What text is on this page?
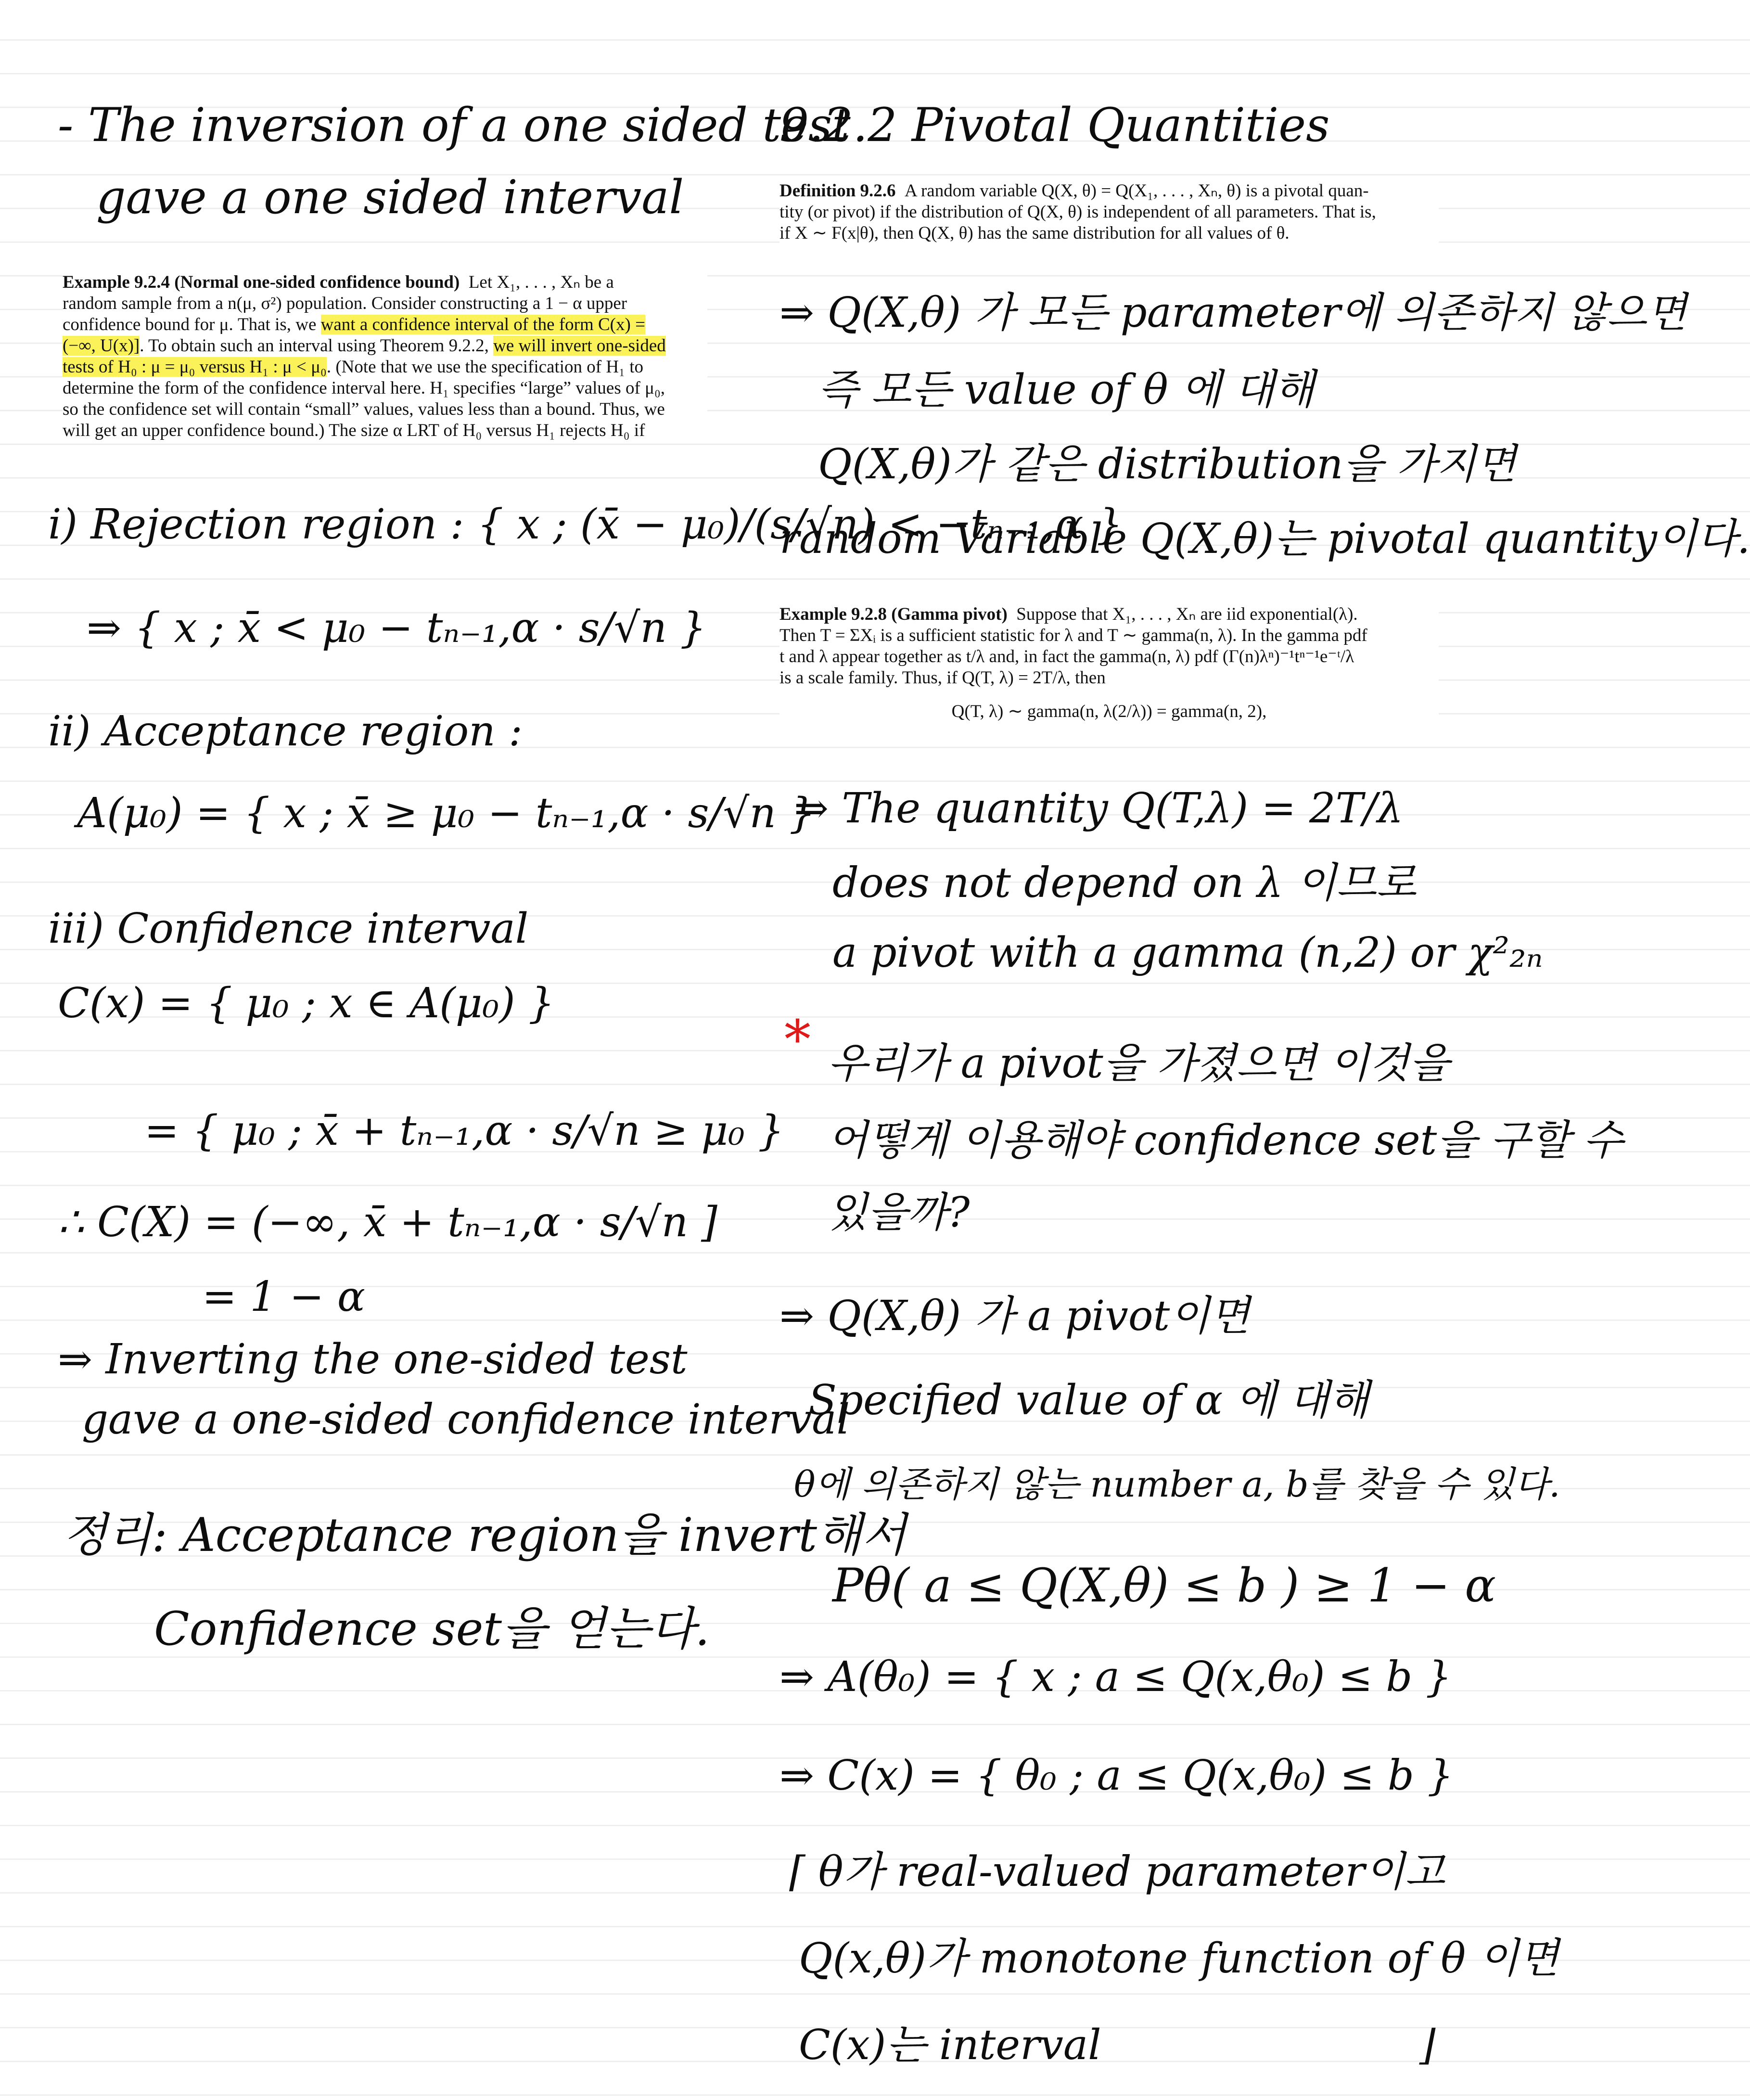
- The inversion of a one sided test
gave a one sided interval
Example 9.2.4 (Normal one-sided confidence bound) Let X₁, . . . , Xₙ be a
random sample from a n(μ, σ²) population. Consider constructing a 1 − α upper
confidence bound for μ. That is, we want a confidence interval of the form C(x) =
(−∞, U(x)]. To obtain such an interval using Theorem 9.2.2, we will invert one-sided
tests of H₀ : μ = μ₀ versus H₁ : μ < μ₀. (Note that we use the specification of H₁ to
determine the form of the confidence interval here. H₁ specifies “large” values of μ₀,
so the confidence set will contain “small” values, values less than a bound. Thus, we
will get an upper confidence bound.) The size α LRT of H₀ versus H₁ rejects H₀ if
i) Rejection region : { x ; (x̄ − μ₀)/(s/√n) < −tₙ₋₁,α }
⇒ { x ; x̄ < μ₀ − tₙ₋₁,α · s/√n }
ii) Acceptance region :
A(μ₀) = { x ; x̄ ≥ μ₀ − tₙ₋₁,α · s/√n }
iii) Confidence interval
C(x) = { μ₀ ; x ∈ A(μ₀) }
= { μ₀ ; x̄ + tₙ₋₁,α · s/√n ≥ μ₀ }
∴ C(X) = (−∞, x̄ + tₙ₋₁,α · s/√n ]
= 1 − α
⇒ Inverting the one-sided test
gave a one-sided confidence interval
정리: Acceptance region을 invert해서
Confidence set을 얻는다.
9.2.2 Pivotal Quantities
Definition 9.2.6 A random variable Q(X, θ) = Q(X₁, . . . , Xₙ, θ) is a pivotal quan-
tity (or pivot) if the distribution of Q(X, θ) is independent of all parameters. That is,
if X ∼ F(x|θ), then Q(X, θ) has the same distribution for all values of θ.
⇒ Q(X,θ) 가 모든 parameter에 의존하지 않으면
즉 모든 value of θ 에 대해
Q(X,θ)가 같은 distribution을 가지면
random Variable Q(X,θ)는 pivotal quantity이다.
Example 9.2.8 (Gamma pivot) Suppose that X₁, . . . , Xₙ are iid exponential(λ).
Then T = ΣXᵢ is a sufficient statistic for λ and T ∼ gamma(n, λ). In the gamma pdf
t and λ appear together as t/λ and, in fact the gamma(n, λ) pdf (Γ(n)λⁿ)⁻¹tⁿ⁻¹e⁻ᵗ/λ
is a scale family. Thus, if Q(T, λ) = 2T/λ, then
Q(T, λ) ∼ gamma(n, λ(2/λ)) = gamma(n, 2),
⇒ The quantity Q(T,λ) = 2T/λ
does not depend on λ 이므로
a pivot with a gamma (n,2) or χ²₂ₙ
* 우리가 a pivot을 가졌으면 이것을
어떻게 이용해야 confidence set을 구할 수
있을까?
⇒ Q(X,θ) 가 a pivot이면
Specified value of α 에 대해
θ에 의존하지 않는 number a, b를 찾을 수 있다.
Pθ( a ≤ Q(X,θ) ≤ b ) ≥ 1 − α
⇒ A(θ₀) = { x ; a ≤ Q(x,θ₀) ≤ b }
⇒ C(x) = { θ₀ ; a ≤ Q(x,θ₀) ≤ b }
⌈ θ가 real-valued parameter이고
Q(x,θ)가 monotone function of θ 이면
C(x)는 interval	⌋
